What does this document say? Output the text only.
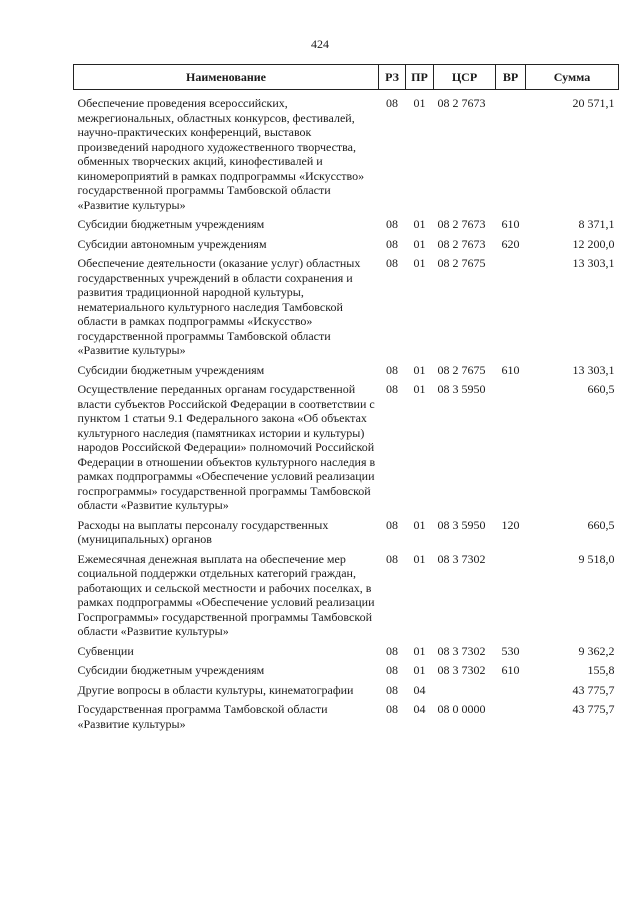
424
Наименование	РЗ	ПР	ЦСР	ВР	Сумма
Обеспечение проведения всероссийских, межрегиональных, областных конкурсов, фестивалей, научно-практических конференций, выставок произведений народного художественного творчества, обменных творческих акций, кинофестивалей и киномероприятий в рамках подпрограммы «Искусство» государственной программы Тамбовской области «Развитие культуры»	08	01	08 2 7673		20 571,1
Субсидии бюджетным учреждениям	08	01	08 2 7673	610	8 371,1
Субсидии автономным учреждениям	08	01	08 2 7673	620	12 200,0
Обеспечение деятельности (оказание услуг) областных государственных учреждений в области сохранения и развития традиционной народной культуры, нематериального культурного наследия Тамбовской области в рамках подпрограммы «Искусство» государственной программы Тамбовской области «Развитие культуры»	08	01	08 2 7675		13 303,1
Субсидии бюджетным учреждениям	08	01	08 2 7675	610	13 303,1
Осуществление переданных органам государственной власти субъектов Российской Федерации в соответствии с пунктом 1 статьи 9.1 Федерального закона «Об объектах культурного наследия (памятниках истории и культуры) народов Российской Федерации» полномочий Российской Федерации в отношении объектов культурного наследия в рамках подпрограммы «Обеспечение условий реализации госпрограммы» государственной программы Тамбовской области «Развитие культуры»	08	01	08 3 5950		660,5
Расходы на выплаты персоналу государственных (муниципальных) органов	08	01	08 3 5950	120	660,5
Ежемесячная денежная выплата на обеспечение мер социальной поддержки отдельных категорий граждан, работающих и сельской местности и рабочих поселках, в рамках подпрограммы «Обеспечение условий реализации Госпрограммы» государственной программы Тамбовской области «Развитие культуры»	08	01	08 3 7302		9 518,0
Субвенции	08	01	08 3 7302	530	9 362,2
Субсидии бюджетным учреждениям	08	01	08 3 7302	610	155,8
Другие вопросы в области культуры, кинематографии	08	04			43 775,7
Государственная программа Тамбовской области «Развитие культуры»	08	04	08 0 0000		43 775,7
